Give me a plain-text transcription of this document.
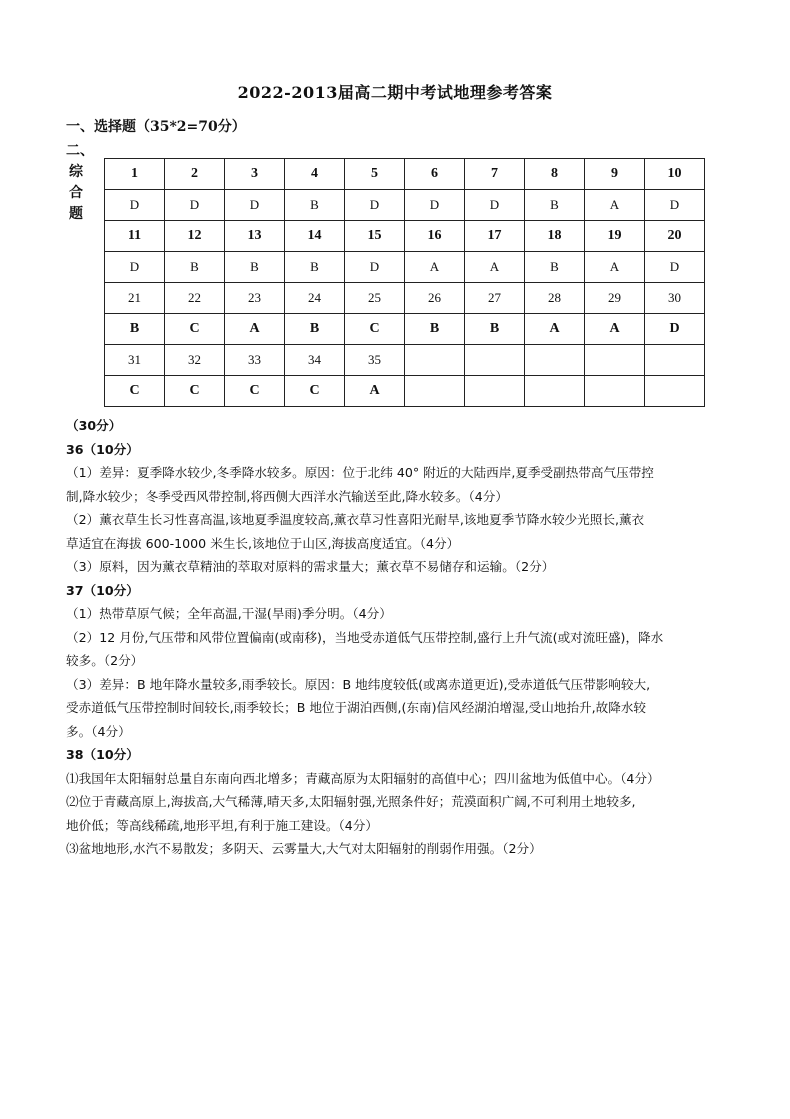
2022-2013届高二期中考试地理参考答案
一、选择题（35*2=70分）
二、
综
合
题
1	2	3	4	5	6	7	8	9	10
D	D	D	B	D	D	D	B	A	D
11	12	13	14	15	16	17	18	19	20
D	B	B	B	D	A	A	B	A	D
21	22	23	24	25	26	27	28	29	30
B	C	A	B	C	B	B	A	A	D
31	32	33	34	35					
C	C	C	C	A					

（30分）

36（10分）

（1）差异：夏季降水较少,冬季降水较多。原因：位于北纬 40° 附近的大陆西岸,夏季受副热带高气压带控

制,降水较少；冬季受西风带控制,将西侧大西洋水汽输送至此,降水较多。（4分）

（2）薰衣草生长习性喜高温,该地夏季温度较高,薰衣草习性喜阳光耐旱,该地夏季节降水较少光照长,薰衣

草适宜在海拔 600-1000 米生长,该地位于山区,海拔高度适宜。（4分）

（3）原料，因为薰衣草精油的萃取对原料的需求量大；薰衣草不易储存和运输。（2分）

37（10分）

（1）热带草原气候；全年高温,干湿(旱雨)季分明。（4分）

（2）12 月份,气压带和风带位置偏南(或南移)，当地受赤道低气压带控制,盛行上升气流(或对流旺盛)，降水

较多。（2分）

（3）差异：B 地年降水量较多,雨季较长。原因：B 地纬度较低(或离赤道更近),受赤道低气压带影响较大,

受赤道低气压带控制时间较长,雨季较长；B 地位于湖泊西侧,(东南)信风经湖泊增湿,受山地抬升,故降水较

多。（4分）

38（10分）

⑴我国年太阳辐射总量自东南向西北增多；青藏高原为太阳辐射的高值中心；四川盆地为低值中心。（4分）

⑵位于青藏高原上,海拔高,大气稀薄,晴天多,太阳辐射强,光照条件好；荒漠面积广阔,不可利用土地较多,

地价低；等高线稀疏,地形平坦,有利于施工建设。（4分）

⑶盆地地形,水汽不易散发；多阴天、云雾量大,大气对太阳辐射的削弱作用强。（2分）
